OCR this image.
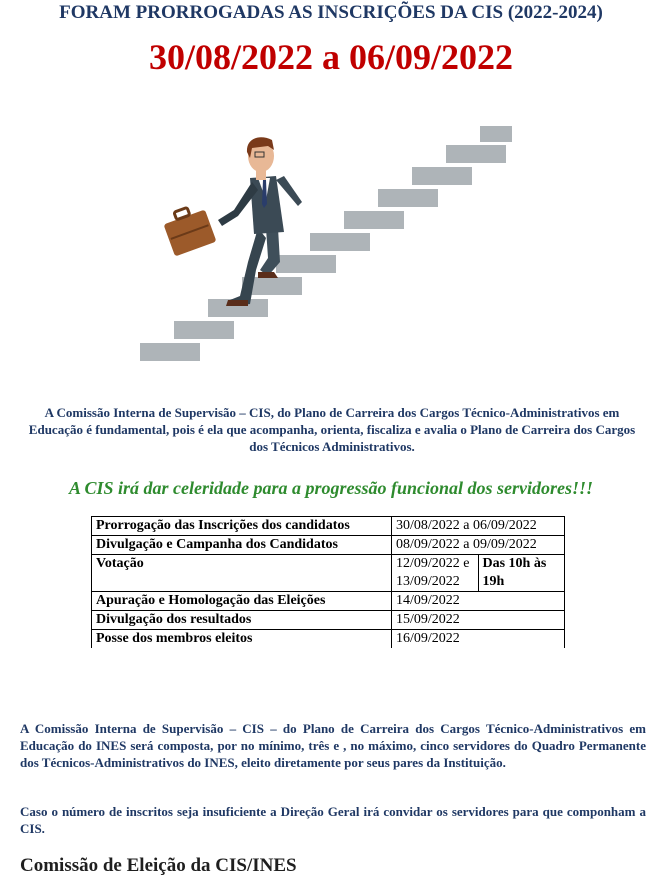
FORAM PRORROGADAS AS INSCRIÇÕES DA CIS (2022-2024)
30/08/2022 a 06/09/2022
A Comissão Interna de Supervisão – CIS, do Plano de Carreira dos Cargos Técnico-Administrativos em Educação é fundamental, pois é ela que acompanha, orienta, fiscaliza e avalia o Plano de Carreira dos Cargos dos Técnicos Administrativos.
A CIS irá dar celeridade para a progressão funcional dos servidores!!!
Prorrogação das Inscrições dos candidatos	30/08/2022 a 06/09/2022	
Divulgação e Campanha dos Candidatos	08/09/2022 a 09/09/2022	
Votação	12/09/2022 e 13/09/2022	Das 10h às 19h
Apuração e Homologação das Eleições	14/09/2022	
Divulgação dos resultados	15/09/2022	
Posse dos membros eleitos	16/09/2022	
A Comissão Interna de Supervisão – CIS – do Plano de Carreira dos Cargos Técnico-Administrativos em Educação do INES será composta, por no mínimo, três e , no máximo, cinco servidores do Quadro Permanente dos Técnicos-Administrativos do INES, eleito diretamente por seus pares da Instituição.
Caso o número de inscritos seja insuficiente a Direção Geral irá convidar os servidores para que componham a CIS.
Comissão de Eleição da CIS/INES
